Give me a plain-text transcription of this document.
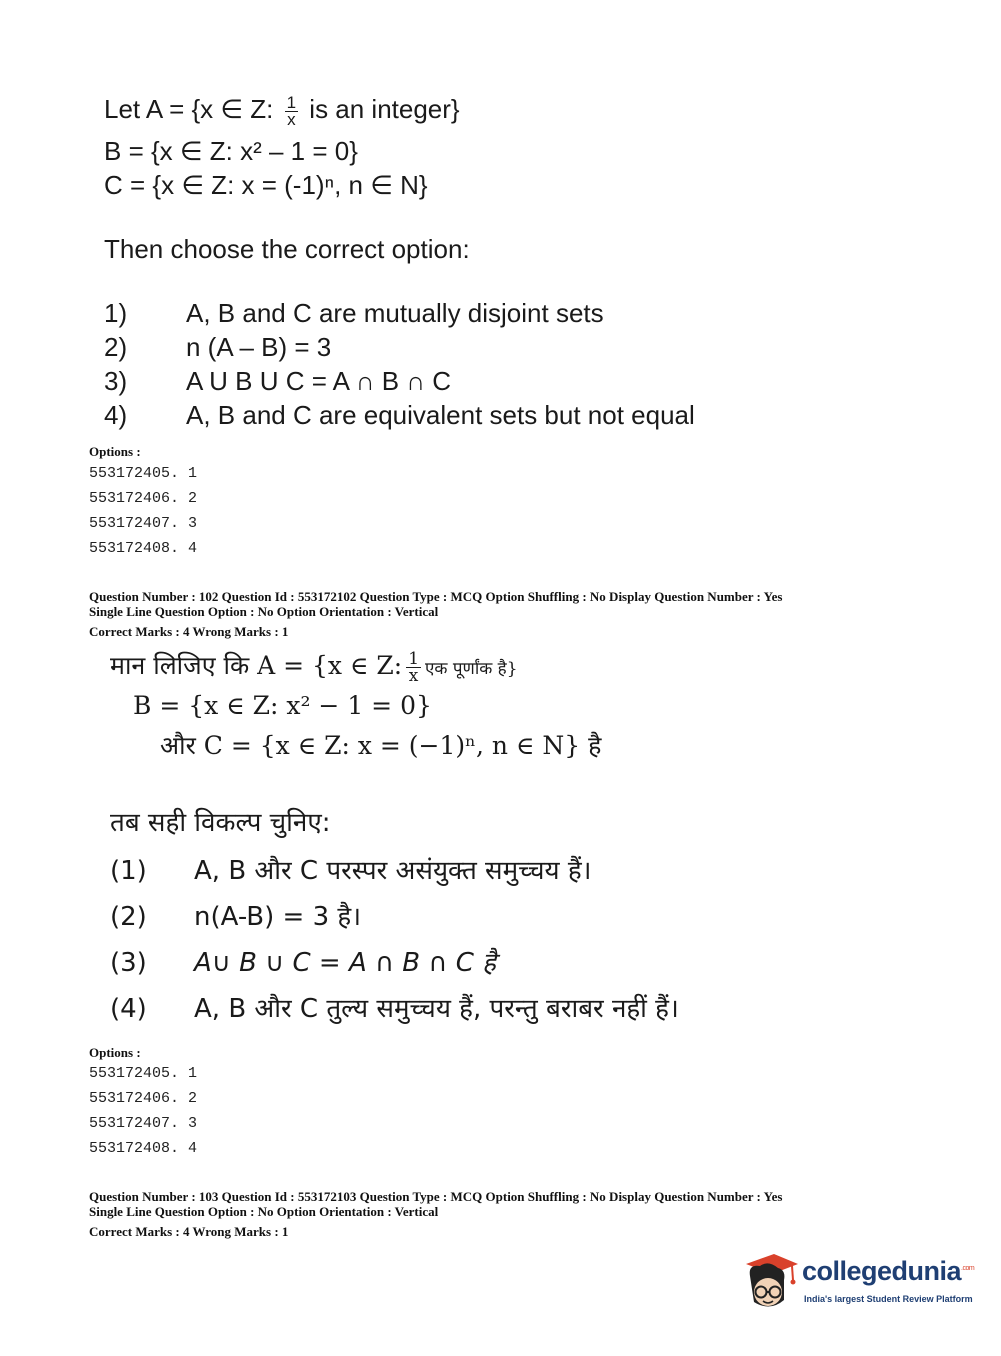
Let A = {x ∈ Z: $\frac{1}{x}$ is an integer}
B = {x ∈ Z: x² – 1 = 0}
C = {x ∈ Z: x = (-1)ⁿ, n ∈ N}
Then choose the correct option:
1)	A, B and C are mutually disjoint sets
2)	n (A – B) = 3
3)	A U B U C = A ∩ B ∩ C
4)	A, B and C are equivalent sets but not equal
Options :
553172405. 1
553172406. 2
553172407. 3
553172408. 4
Question Number : 102 Question Id : 553172102 Question Type : MCQ Option Shuffling : No Display Question Number : Yes
Single Line Question Option : No Option Orientation : Vertical
Correct Marks : 4 Wrong Marks : 1
मान लिजिए कि A = {x ∈ Z: $\frac{1}{x}$ एक पूर्णांक है}
B = {x ∈ Z: x² − 1 = 0}
और C = {x ∈ Z: x = (−1)ⁿ, n ∈ N} है
तब सही विकल्प चुनिए:
(1)	A, B और C परस्पर असंयुक्त समुच्चय हैं।
(2)	n(A-B) = 3 है।
(3)	A∪ B ∪ C = A ∩ B ∩ C है
(4)	A, B और C तुल्य समुच्चय हैं, परन्तु बराबर नहीं हैं।
Options :
553172405. 1
553172406. 2
553172407. 3
553172408. 4
Question Number : 103 Question Id : 553172103 Question Type : MCQ Option Shuffling : No Display Question Number : Yes
Single Line Question Option : No Option Orientation : Vertical
Correct Marks : 4 Wrong Marks : 1
collegedunia$^{.com}$
India's largest Student Review Platform
